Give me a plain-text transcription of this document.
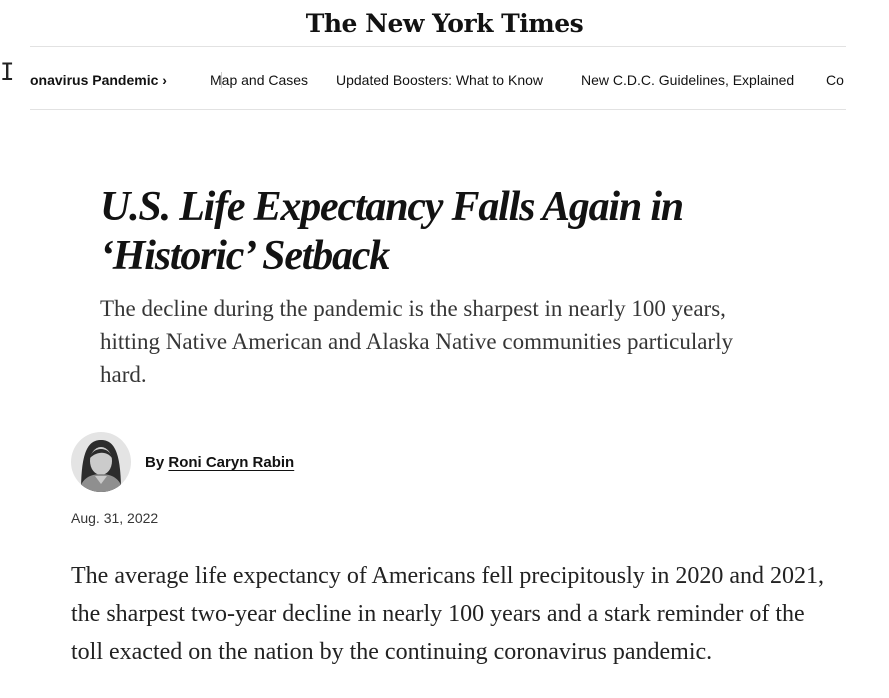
The New York Times
I onavirus Pandemic ›	Map and Cases Updated Boosters: What to Know	New C.D.C. Guidelines, Explained Co
U.S. Life Expectancy Falls Again in
‘Historic’ Setback

The decline during the pandemic is the sharpest in nearly 100 years, hitting Native American and Alaska Native communities particularly hard.

By Roni Caryn Rabin
Aug. 31, 2022

The average life expectancy of Americans fell precipitously in 2020 and 2021, the sharpest two-year decline in nearly 100 years and a stark reminder of the toll exacted on the nation by the continuing coronavirus pandemic.
